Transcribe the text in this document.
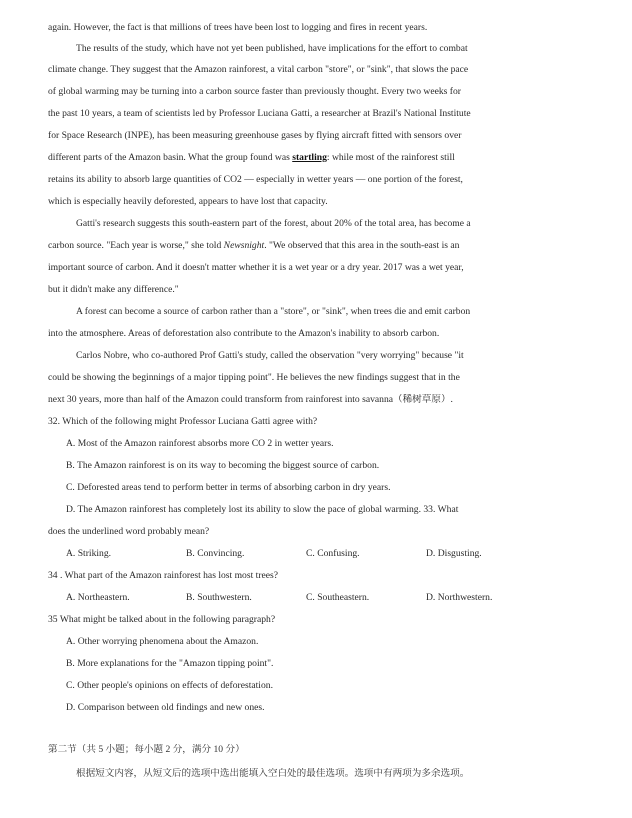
again. However, the fact is that millions of trees have been lost to logging and fires in recent years.
The results of the study, which have not yet been published, have implications for the effort to combat
climate change. They suggest that the Amazon rainforest, a vital carbon "store", or "sink", that slows the pace
of global warming may be turning into a carbon source faster than previously thought. Every two weeks for
the past 10 years, a team of scientists led by Professor Luciana Gatti, a researcher at Brazil's National Institute
for Space Research (INPE), has been measuring greenhouse gases by flying aircraft fitted with sensors over
different parts of the Amazon basin. What the group found was startling: while most of the rainforest still
retains its ability to absorb large quantities of CO2 — especially in wetter years — one portion of the forest,
which is especially heavily deforested, appears to have lost that capacity.
Gatti's research suggests this south-eastern part of the forest, about 20% of the total area, has become a
carbon source. "Each year is worse," she told Newsnight. "We observed that this area in the south-east is an
important source of carbon. And it doesn't matter whether it is a wet year or a dry year. 2017 was a wet year,
but it didn't make any difference."
A forest can become a source of carbon rather than a "store", or "sink", when trees die and emit carbon
into the atmosphere. Areas of deforestation also contribute to the Amazon's inability to absorb carbon.
Carlos Nobre, who co-authored Prof Gatti's study, called the observation "very worrying" because "it
could be showing the beginnings of a major tipping point". He believes the new findings suggest that in the
next 30 years, more than half of the Amazon could transform from rainforest into savanna（稀树草原）.
32. Which of the following might Professor Luciana Gatti agree with?
A. Most of the Amazon rainforest absorbs more CO 2 in wetter years.
B. The Amazon rainforest is on its way to becoming the biggest source of carbon.
C. Deforested areas tend to perform better in terms of absorbing carbon in dry years.
D. The Amazon rainforest has completely lost its ability to slow the pace of global warming. 33. What
does the underlined word probably mean?
A. Striking.	B. Convincing.	C. Confusing.	D. Disgusting.
34 . What part of the Amazon rainforest has lost most trees?
A. Northeastern.	B. Southwestern.	C. Southeastern.	D. Northwestern.
35 What might be talked about in the following paragraph?
A. Other worrying phenomena about the Amazon.
B. More explanations for the "Amazon tipping point".
C. Other people's opinions on effects of deforestation.
D. Comparison between old findings and new ones.
第二节（共 5 小题；每小题 2 分，满分 10 分）
根据短文内容，从短文后的选项中选出能填入空白处的最佳选项。选项中有两项为多余选项。
